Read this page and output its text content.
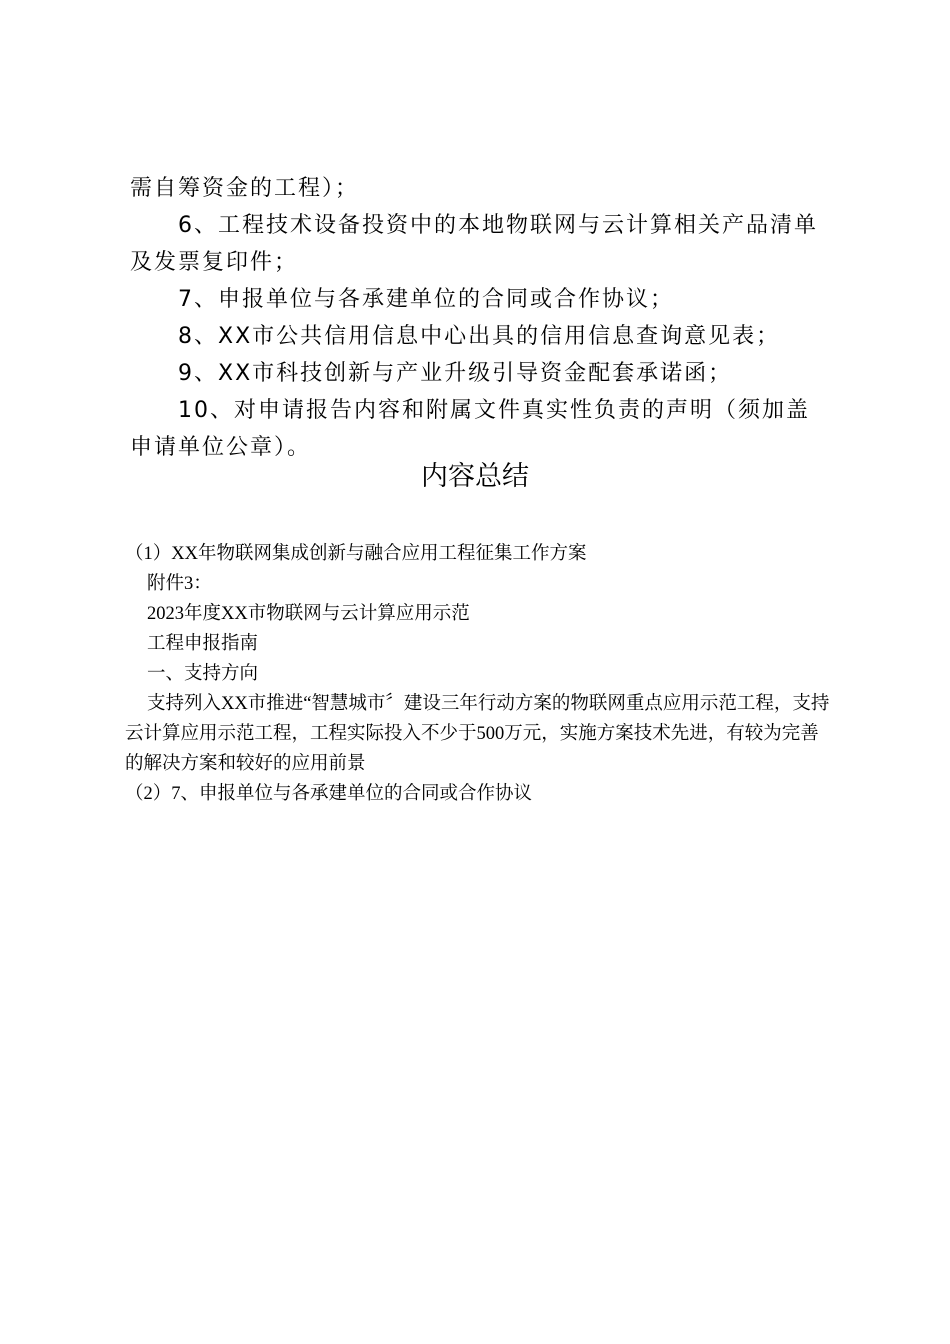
需自筹资金的工程）；

6、工程技术设备投资中的本地物联网与云计算相关产品清单及发票复印件；

7、申报单位与各承建单位的合同或合作协议；

8、XX市公共信用信息中心出具的信用信息查询意见表；

9、XX市科技创新与产业升级引导资金配套承诺函；

10、对申请报告内容和附属文件真实性负责的声明（须加盖申请单位公章）。

内容总结

（1）XX年物联网集成创新与融合应用工程征集工作方案

附件3：

2023年度XX市物联网与云计算应用示范

工程申报指南

一、支持方向

支持列入XX市推进“智慧城市〞建设三年行动方案的物联网重点应用示范工程，支持云计算应用示范工程，工程实际投入不少于500万元，实施方案技术先进，有较为完善的解决方案和较好的应用前景

（2）7、申报单位与各承建单位的合同或合作协议
